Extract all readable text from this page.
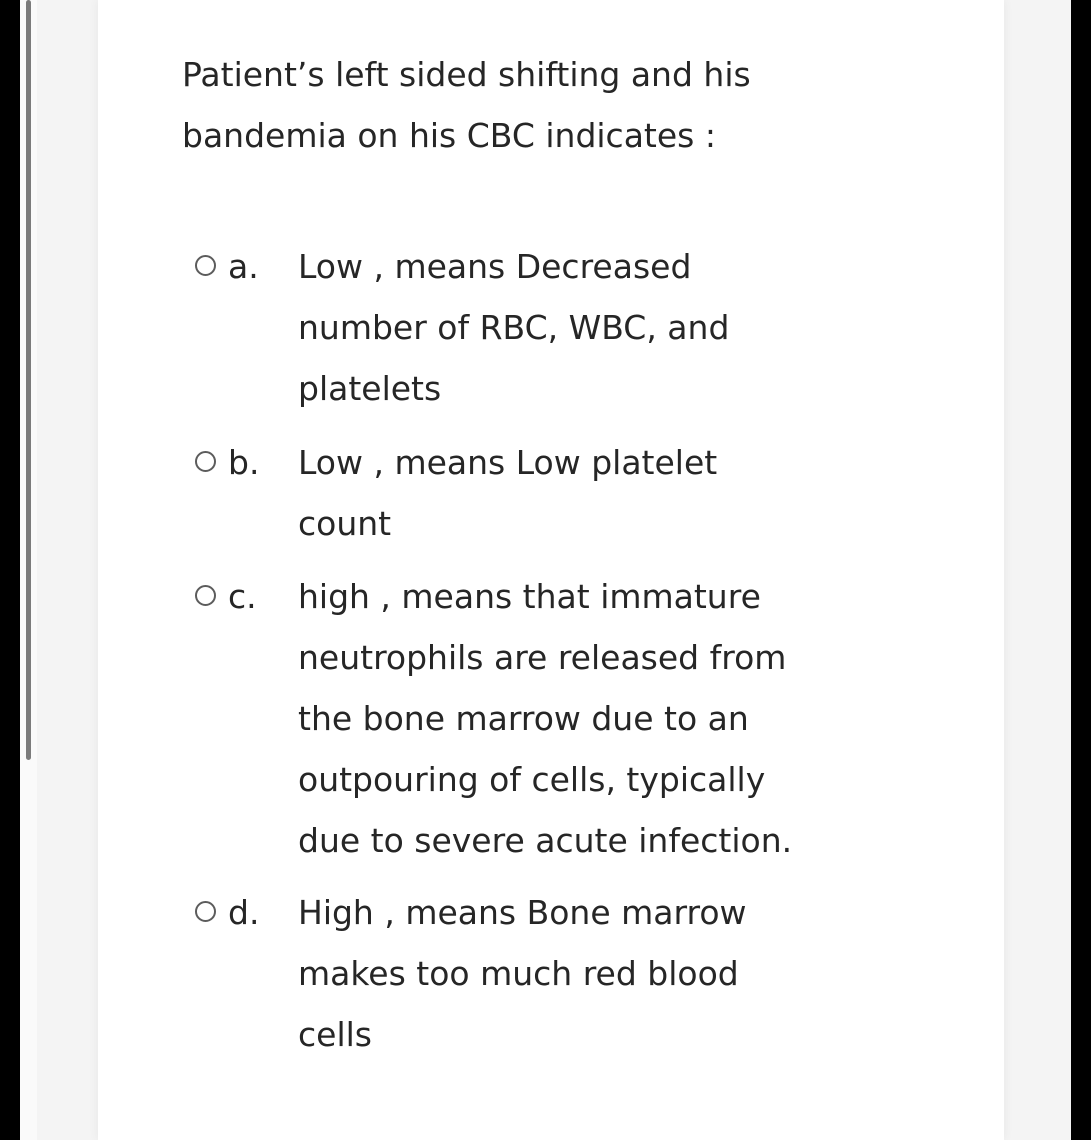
Patient’s left sided shifting and his
bandemia on his CBC indicates :

a.	Low , means Decreased
number of RBC, WBC, and
platelets
b.	Low , means Low platelet
count
c.	high , means that immature
neutrophils are released from
the bone marrow due to an
outpouring of cells, typically
due to severe acute infection.
d.	High , means Bone marrow
makes too much red blood
cells
